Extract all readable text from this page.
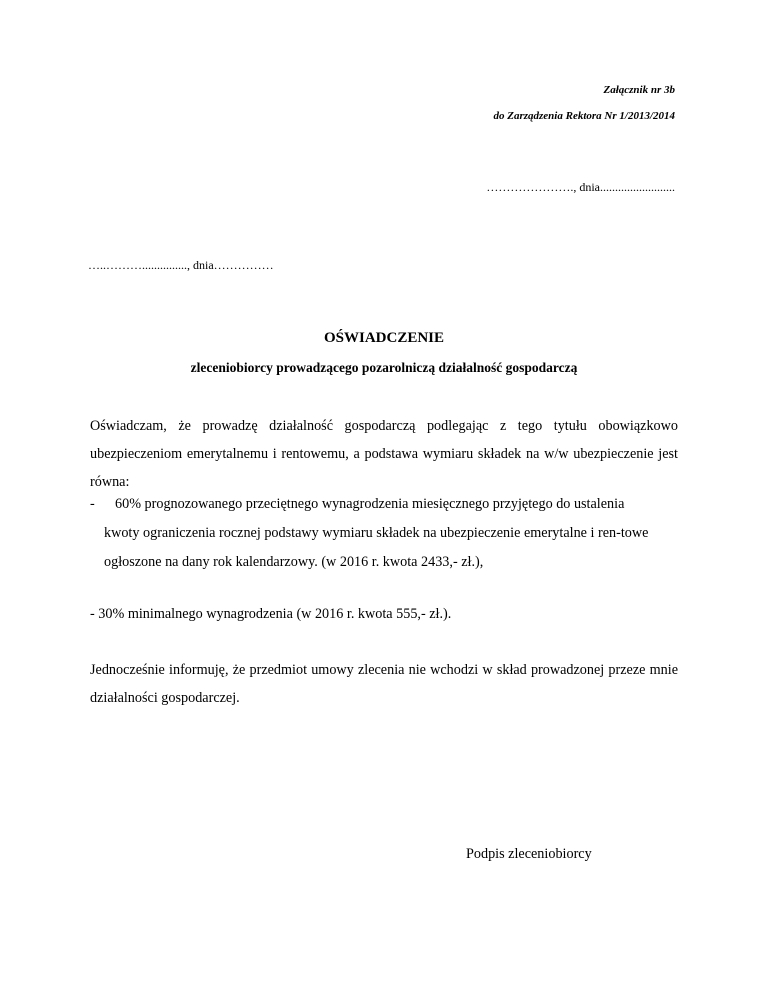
Załącznik nr 3b
do Zarządzenia Rektora Nr 1/2013/2014
…………………., dnia.........................
…..………..............., dnia……………
OŚWIADCZENIE
zleceniobiorcy prowadzącego pozarolniczą działalność gospodarczą
Oświadczam, że prowadzę działalność gospodarczą podlegając z tego tytułu obowiązkowo ubezpieczeniom emerytalnemu i rentowemu, a podstawa wymiaru składek na w/w ubezpieczenie jest równa:
- 60% prognozowanego przeciętnego wynagrodzenia miesięcznego przyjętego do ustalenia
kwoty ograniczenia rocznej podstawy wymiaru składek na ubezpieczenie emerytalne i ren-towe ogłoszone na dany rok kalendarzowy. (w 2016 r. kwota 2433,- zł.),
- 30% minimalnego wynagrodzenia (w 2016 r. kwota 555,- zł.).
Jednocześnie informuję, że przedmiot umowy zlecenia nie wchodzi w skład prowadzonej przeze mnie działalności gospodarczej.
Podpis zleceniobiorcy
